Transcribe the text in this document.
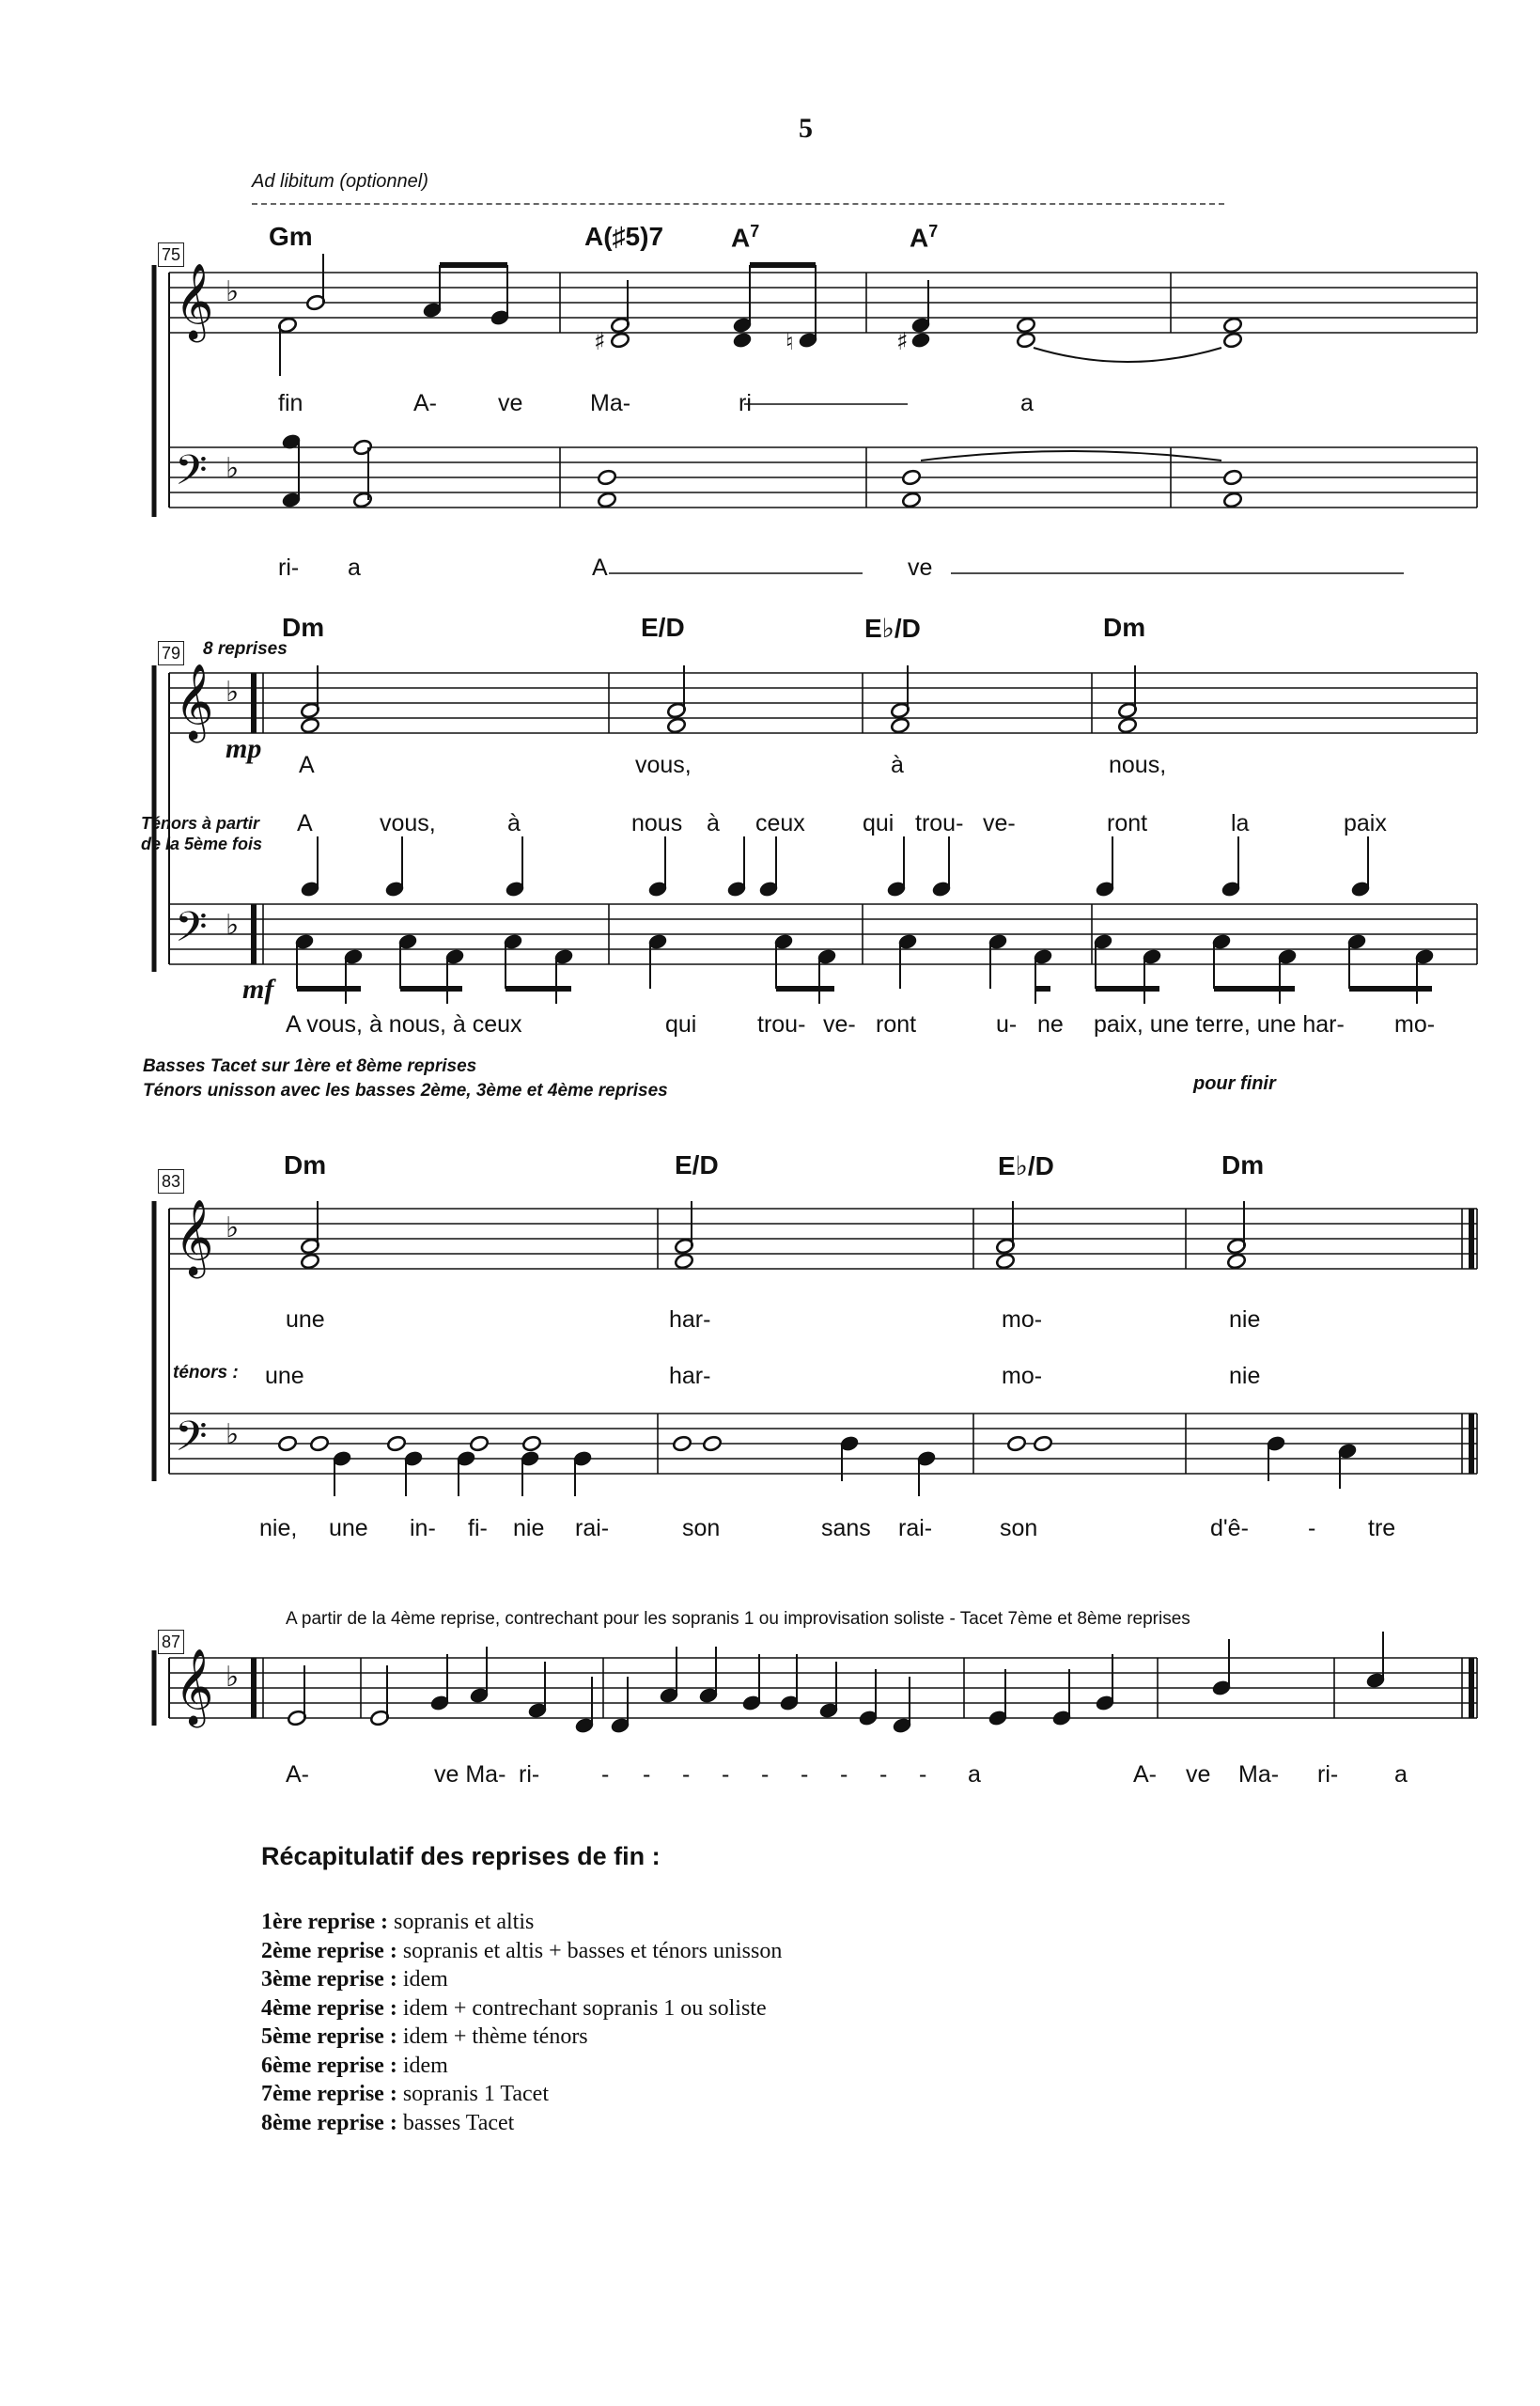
𝄞
𝄢
♭
♭
♯	♮	♯
𝄞
𝄢
♭
♭
𝄞
𝄢
♭
♭
𝄞 ♭
5
Ad libitum (optionnel)
75
Gm	A(♯5)7	$A^7$	$A^7$
fin	A-	ve	Ma-	ri	a
ri- a	A	ve
79 8 reprises
Dm	E/D	E♭/D	Dm
mp
A	vous,	à	nous,
Ténors à partir
de la 5ème fois
A	vous,	à	nous à ceux qui trou- ve-	ront	la	paix
mf
A vous, à nous, à ceux	qui	trou- ve- ront	u- ne paix, une terre, une har- mo-
Basses Tacet sur 1ère et 8ème reprises
Ténors unisson avec les basses 2ème, 3ème et 4ème reprises	pour finir
83
Dm	E/D	E♭/D	Dm
une	har-	mo-	nie
ténors : une	har-	mo-	nie
nie, une in- fi- nie rai-	son	sans rai-	son	d'ê-	- tre
A partir de la 4ème reprise, contrechant pour les sopranis 1 ou improvisation soliste - Tacet 7ème et 8ème reprises
87
A-	ve Ma- ri-	- - - - - - - - - a	A- ve Ma- ri- a
Récapitulatif des reprises de fin :
1ère reprise : sopranis et altis
2ème reprise : sopranis et altis + basses et ténors unisson
3ème reprise : idem
4ème reprise : idem + contrechant sopranis 1 ou soliste
5ème reprise : idem + thème ténors
6ème reprise : idem
7ème reprise : sopranis 1 Tacet
8ème reprise : basses Tacet
